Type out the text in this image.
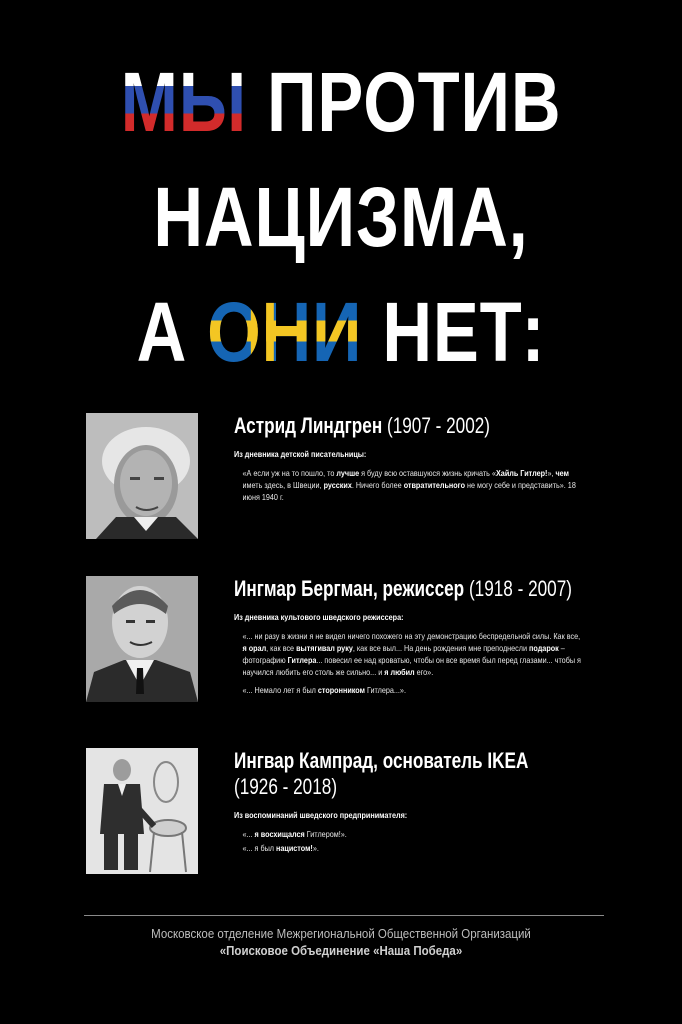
МЫ ПРОТИВ
НАЦИЗМА,
А ОНИ НЕТ:

Астрид Линдгрен (1907 - 2002)

Из дневника детской писательницы:
«А если уж на то пошло, то лучше я буду всю оставшуюся жизнь кричать «Хайль Гитлер!», чем иметь здесь, в Швеции, русских. Ничего более отвратительного не могу себе и представить». 18 июня 1940 г.

Ингмар Бергман, режиссер (1918 - 2007)

Из дневника культового шведского режиссера:
«... ни разу в жизни я не видел ничего похожего на эту демонстрацию беспредельной силы. Как все, я орал, как все вытягивал руку, как все выл... На день рождения мне преподнесли подарок – фотографию Гитлера... повесил ее над кроватью, чтобы он все время был перед глазами... чтобы я научился любить его столь же сильно... и я любил его».
«... Немало лет я был сторонником Гитлера...».

Ингвар Кампрад, основатель IKEA

(1926 - 2018)

Из воспоминаний шведского предпринимателя:
«... я восхищался Гитлером!».
«... я был нацистом!».
Московское отделение Межрегиональной Общественной Организаций
«Поисковое Объединение «Наша Победа»
